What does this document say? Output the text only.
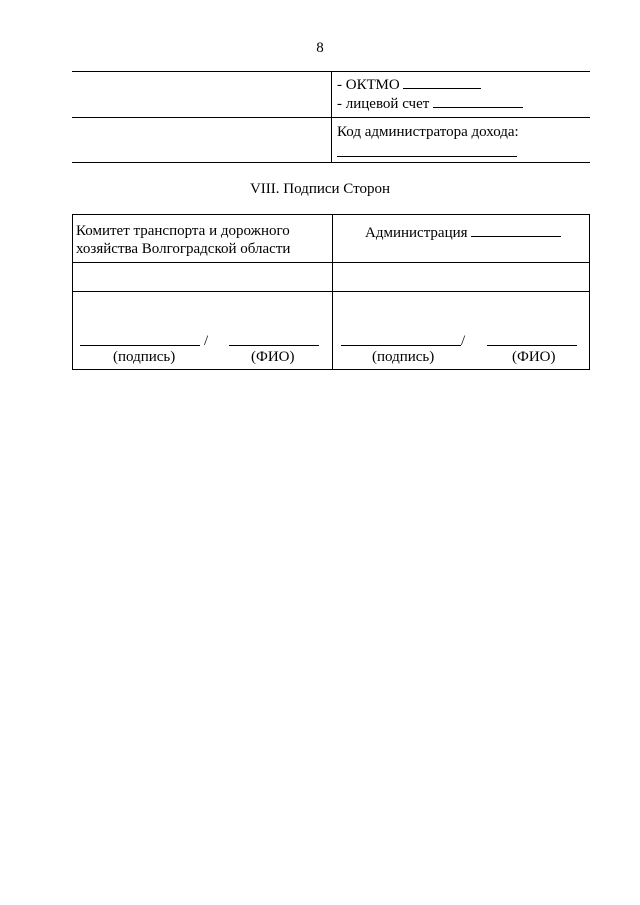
8
- ОКТМО
- лицевой счет
Код администратора дохода:
VIII. Подписи Сторон
Комитет транспорта и дорожного
хозяйства Волгоградской области
Администрация
/
(подпись)	(ФИО)
/
(подпись)	(ФИО)
